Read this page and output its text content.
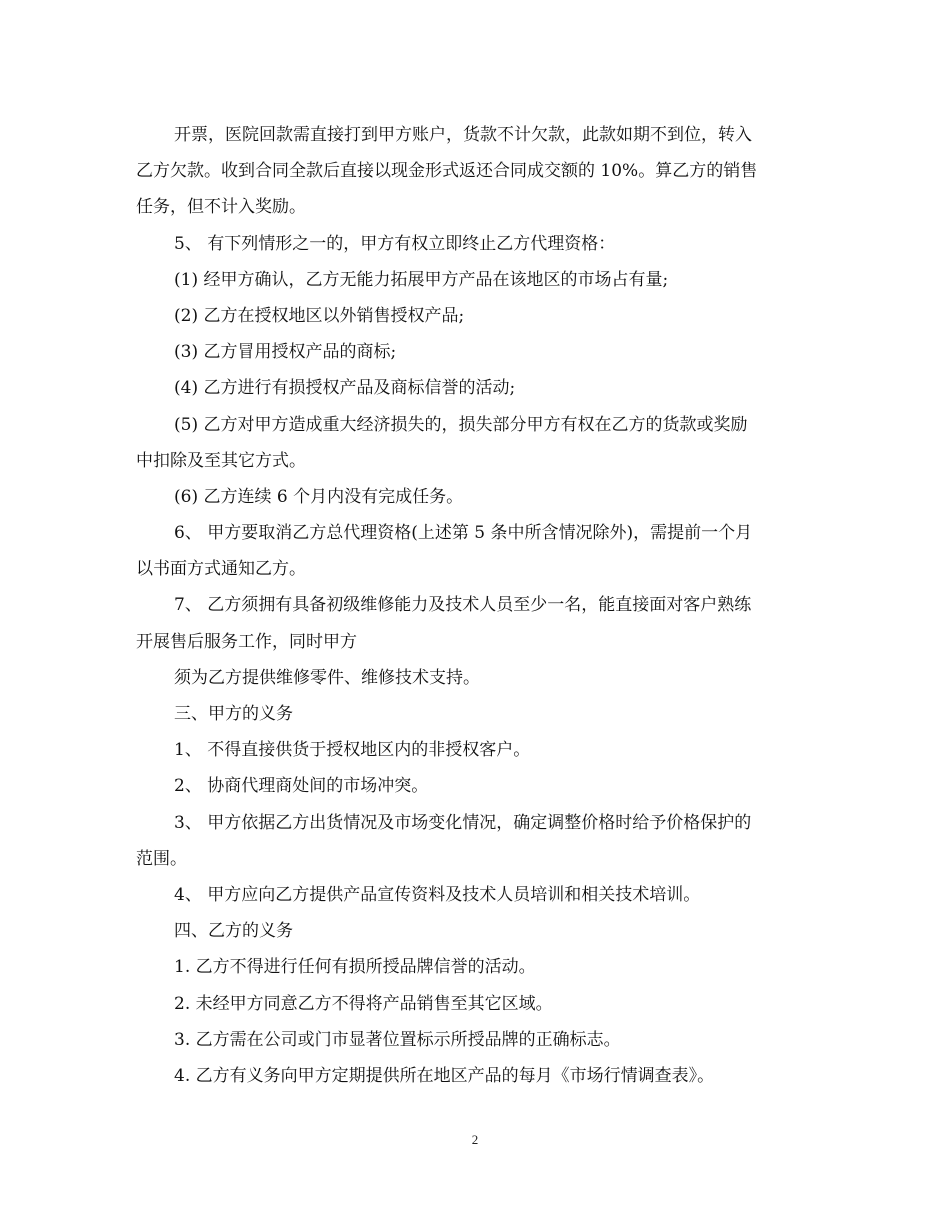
开票，医院回款需直接打到甲方账户，货款不计欠款，此款如期不到位，转入
乙方欠款。收到合同全款后直接以现金形式返还合同成交额的 10%。算乙方的销售
任务，但不计入奖励。
5、 有下列情形之一的，甲方有权立即终止乙方代理资格：
(1) 经甲方确认，乙方无能力拓展甲方产品在该地区的市场占有量;
(2) 乙方在授权地区以外销售授权产品;
(3) 乙方冒用授权产品的商标;
(4) 乙方进行有损授权产品及商标信誉的活动;
(5) 乙方对甲方造成重大经济损失的，损失部分甲方有权在乙方的货款或奖励
中扣除及至其它方式。
(6) 乙方连续 6 个月内没有完成任务。
6、 甲方要取消乙方总代理资格(上述第 5 条中所含情况除外)，需提前一个月
以书面方式通知乙方。
7、 乙方须拥有具备初级维修能力及技术人员至少一名，能直接面对客户熟练
开展售后服务工作，同时甲方
须为乙方提供维修零件、维修技术支持。
三、甲方的义务
1、 不得直接供货于授权地区内的非授权客户。
2、 协商代理商处间的市场冲突。
3、 甲方依据乙方出货情况及市场变化情况，确定调整价格时给予价格保护的
范围。
4、 甲方应向乙方提供产品宣传资料及技术人员培训和相关技术培训。
四、乙方的义务
1. 乙方不得进行任何有损所授品牌信誉的活动。
2. 未经甲方同意乙方不得将产品销售至其它区域。
3. 乙方需在公司或门市显著位置标示所授品牌的正确标志。
4. 乙方有义务向甲方定期提供所在地区产品的每月《市场行情调查表》。
2
